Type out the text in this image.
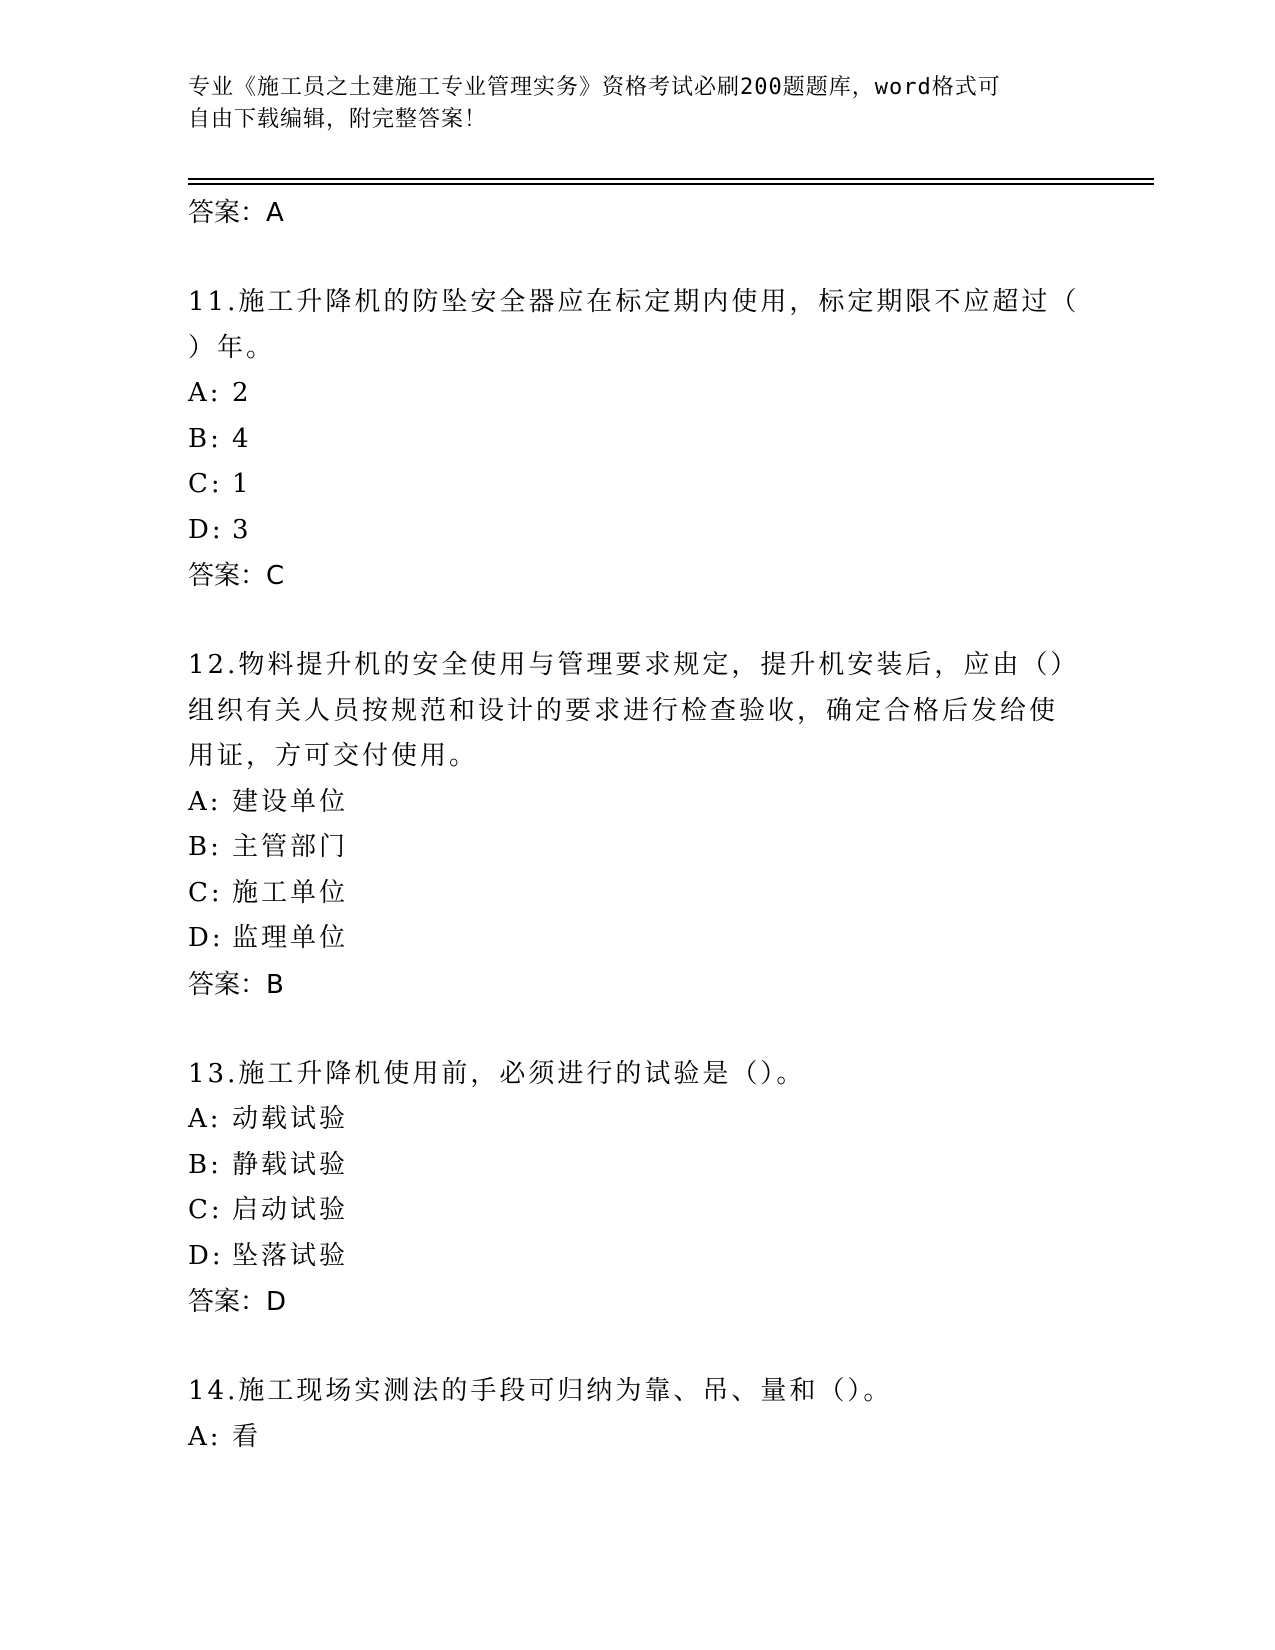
专业《施工员之土建施工专业管理实务》资格考试必刷200题题库，word格式可
自由下载编辑，附完整答案！
答案：A
11.施工升降机的防坠安全器应在标定期内使用，标定期限不应超过（
）年。
A: 2
B: 4
C: 1
D: 3
答案：C
12.物料提升机的安全使用与管理要求规定，提升机安装后，应由（）
组织有关人员按规范和设计的要求进行检查验收，确定合格后发给使
用证，方可交付使用。
A: 建设单位
B: 主管部门
C: 施工单位
D: 监理单位
答案：B
13.施工升降机使用前，必须进行的试验是（）。
A: 动载试验
B: 静载试验
C: 启动试验
D: 坠落试验
答案：D
14.施工现场实测法的手段可归纳为靠、吊、量和（）。
A: 看
